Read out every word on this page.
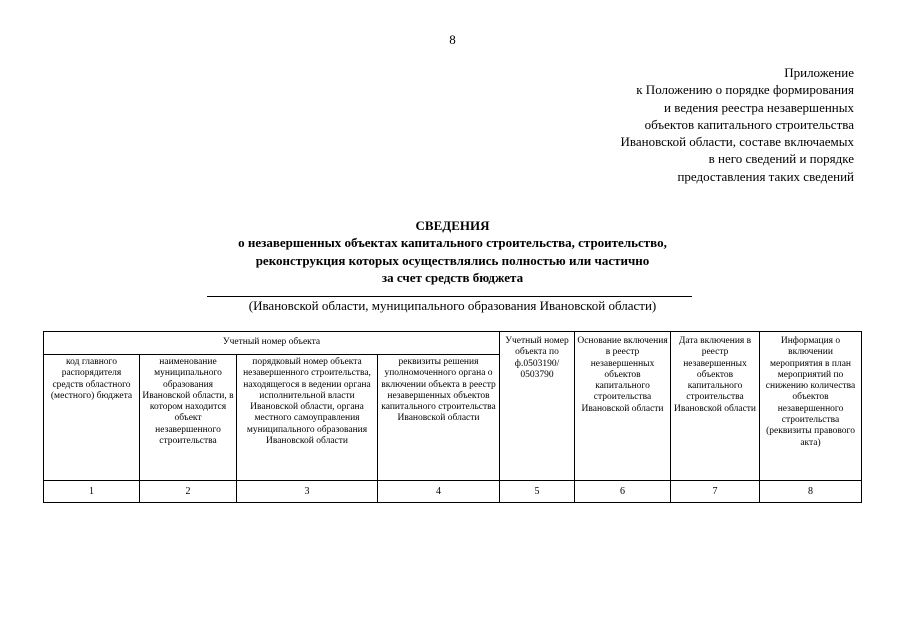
8
Приложение
к Положению о порядке формирования
и ведения реестра незавершенных
объектов капитального строительства
Ивановской области, составе включаемых
в него сведений и порядке
предоставления таких сведений
СВЕДЕНИЯ
о незавершенных объектах капитального строительства, строительство,
реконструкция которых осуществлялись полностью или частично
за счет средств бюджета
(Ивановской области, муниципального образования Ивановской области)
Учетный номер объекта				Учетный номер объекта по ф.0503190/ 0503790	Основание включения в реестр незавершенных объектов капитального строительства Ивановской области	Дата включения в реестр незавершенных объектов капитального строительства Ивановской области	Информация о включении мероприятия в план мероприятий по снижению количества объектов незавершенного строительства (реквизиты правового акта)
код главного распорядителя средств областного (местного) бюджета	наименование муниципального образования Ивановской области, в котором находится объект незавершенного строительства	порядковый номер объекта незавершенного строительства, находящегося в ведении органа исполнительной власти Ивановской области, органа местного самоуправления муниципального образования Ивановской области	реквизиты решения уполномоченного органа о включении объекта в реестр незавершенных объектов капитального строительства Ивановской области				
1	2	3	4	5	6	7	8
